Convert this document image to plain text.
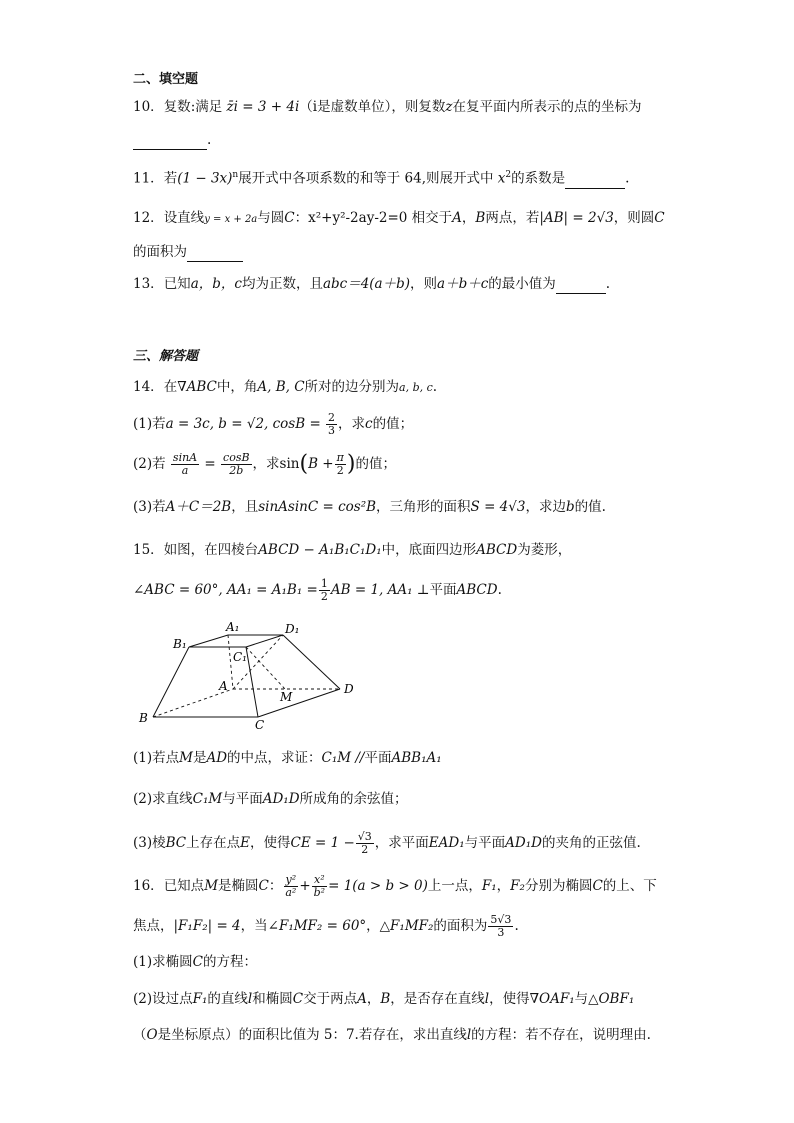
二、填空题
10．复数:满足 z̄i = 3 + 4i（i是虚数单位），则复数z在复平面内所表示的点的坐标为
.
11．若$(1 - 3x)^n$展开式中各项系数的和等于 64,则展开式中 $x^2$的系数是	.
12．设直线y = x + 2a与圆C：x²+y²-2ay-2=0 相交于A，B两点，若|AB| = 2√3，则圆C
的面积为
13．已知a，b，c均为正数，且abc＝4(a＋b)，则a＋b＋c的最小值为	.
三、解答题
14．在∇ABC中，角A, B, C所对的边分别为a, b, c.
(1)若a = 3c, b = √2, $\cos B = \frac{2}{3}$ ，求c的值；
(2)若 $\frac{\sin A}{a} = \frac{\cos B}{2b}$ ，求$\sin(B + \frac{\pi}{2}$ )的值；
(3)若A＋C＝2B，且sinAsinC = cos²B，三角形的面积S = 4√3，求边b的值.
15．如图，在四棱台ABCD − A₁B₁C₁D₁中，底面四边形ABCD为菱形，
∠ABC = 60°, $AA_1 = A_1B_1 = \frac{1}{2}$ AB = 1, AA₁ ⊥平面ABCD.
A₁
B₁
C₁
D₁
A
B	C
D
M
(1)若点M是AD的中点，求证：C₁M //平面ABB₁A₁
(2)求直线C₁M与平面AD₁D所成角的余弦值；
(3)棱BC上存在点E，使得CE = $1 - \frac{√3}{2}$ ，求平面EAD₁与平面AD₁D的夹角的正弦值.
16．已知点M是椭圆C： $\frac{\text{y²}}{\text{a²}} + \frac{\text{x²}}{\text{b²}} = 1(a > b > 0)$上一点，F₁，F₂分别为椭圆C的上、下
焦点，|F₁F₂| = 4，当∠F₁MF₂ = 60°，△F₁MF₂的面积为 $\frac{5√3}{3}$ .
(1)求椭圆C的方程：
(2)设过点F₁的直线l和椭圆C交于两点A，B，是否存在直线l，使得∇OAF₁与△OBF₁
（O是坐标原点）的面积比值为 5：7.若存在，求出直线l的方程：若不存在，说明理由.
